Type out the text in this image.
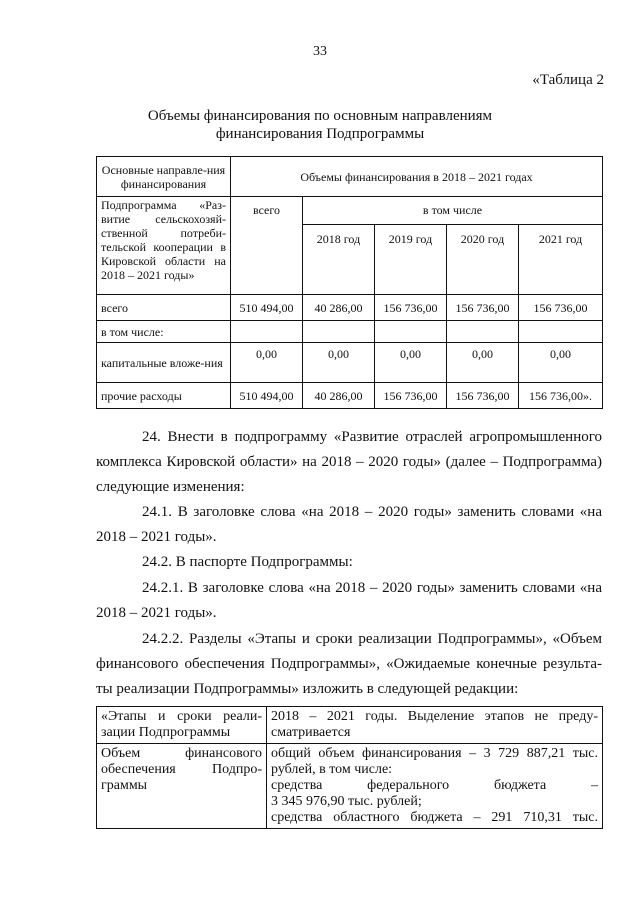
33
«Таблица 2
Объемы финансирования по основным направлениям
финансирования Подпрограммы
Основные направле-ния финансирования	Объемы финансирования в 2018 – 2021 годах				
Подпрограмма «Раз-витие сельскохозяй-ственной потреби-тельской кооперации в Кировской области на 2018 – 2021 годы»	всего	в том числе			
		2018 год	2019 год	2020 год	2021 год
всего	510 494,00	40 286,00	156 736,00	156 736,00	156 736,00
в том числе:					
капитальные вложе-ния	0,00	0,00	0,00	0,00	0,00
прочие расходы	510 494,00	40 286,00	156 736,00	156 736,00	156 736,00».
24. Внести в подпрограмму «Развитие отраслей агропромышленного
комплекса Кировской области» на 2018 – 2020 годы» (далее – Подпрограмма)
следующие изменения:
24.1. В заголовке слова «на 2018 – 2020 годы» заменить словами «на
2018 – 2021 годы».
24.2. В паспорте Подпрограммы:
24.2.1. В заголовке слова «на 2018 – 2020 годы» заменить словами «на
2018 – 2021 годы».
24.2.2. Разделы «Этапы и сроки реализации Подпрограммы», «Объем
финансового обеспечения Подпрограммы», «Ожидаемые конечные результа-
ты реализации Подпрограммы» изложить в следующей редакции:
«Этапы и сроки реали-зации Подпрограммы	2018 – 2021 годы. Выделение этапов не преду-сматривается
Объем финансового обеспечения Подпро-граммы	общий объем финансирования – 3 729 887,21 тыс.
рублей, в том числе:
средства федерального бюджета –
3 345 976,90 тыс. рублей;
средства областного бюджета – 291 710,31 тыс.
